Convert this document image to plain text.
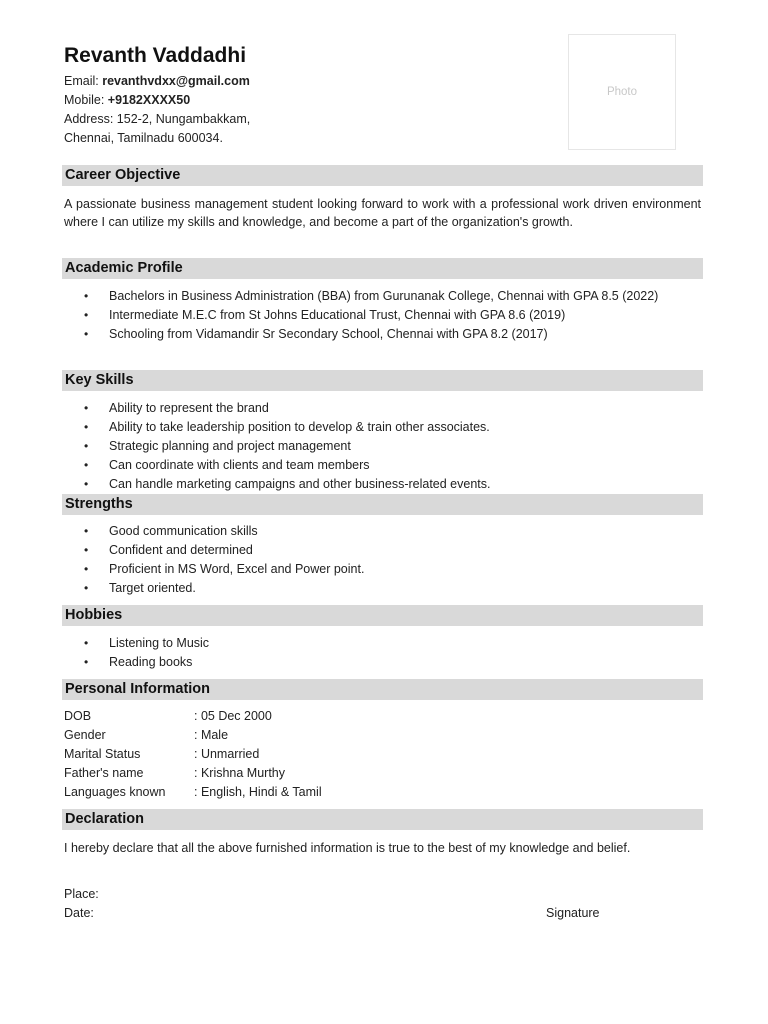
Revanth Vaddadhi
Email: revanthvdxx@gmail.com
Mobile: +9182XXXX50
Address: 152-2, Nungambakkam,
Chennai, Tamilnadu 600034.
Photo
Career Objective
A passionate business management student looking forward to work with a professional work driven environment where I can utilize my skills and knowledge, and become a part of the organization's growth.
Academic Profile
• Bachelors in Business Administration (BBA) from Gurunanak College, Chennai with GPA 8.5 (2022)
• Intermediate M.E.C from St Johns Educational Trust, Chennai with GPA 8.6 (2019)
• Schooling from Vidamandir Sr Secondary School, Chennai with GPA 8.2 (2017)
Key Skills
• Ability to represent the brand
• Ability to take leadership position to develop & train other associates.
• Strategic planning and project management
• Can coordinate with clients and team members
• Can handle marketing campaigns and other business-related events.
Strengths
• Good communication skills
• Confident and determined
• Proficient in MS Word, Excel and Power point.
• Target oriented.
Hobbies
• Listening to Music
• Reading books
Personal Information
DOB	: 05 Dec 2000
Gender	: Male
Marital Status	: Unmarried
Father's name	: Krishna Murthy
Languages known	: English, Hindi & Tamil
Declaration
I hereby declare that all the above furnished information is true to the best of my knowledge and belief.
Place:
Date:	Signature
